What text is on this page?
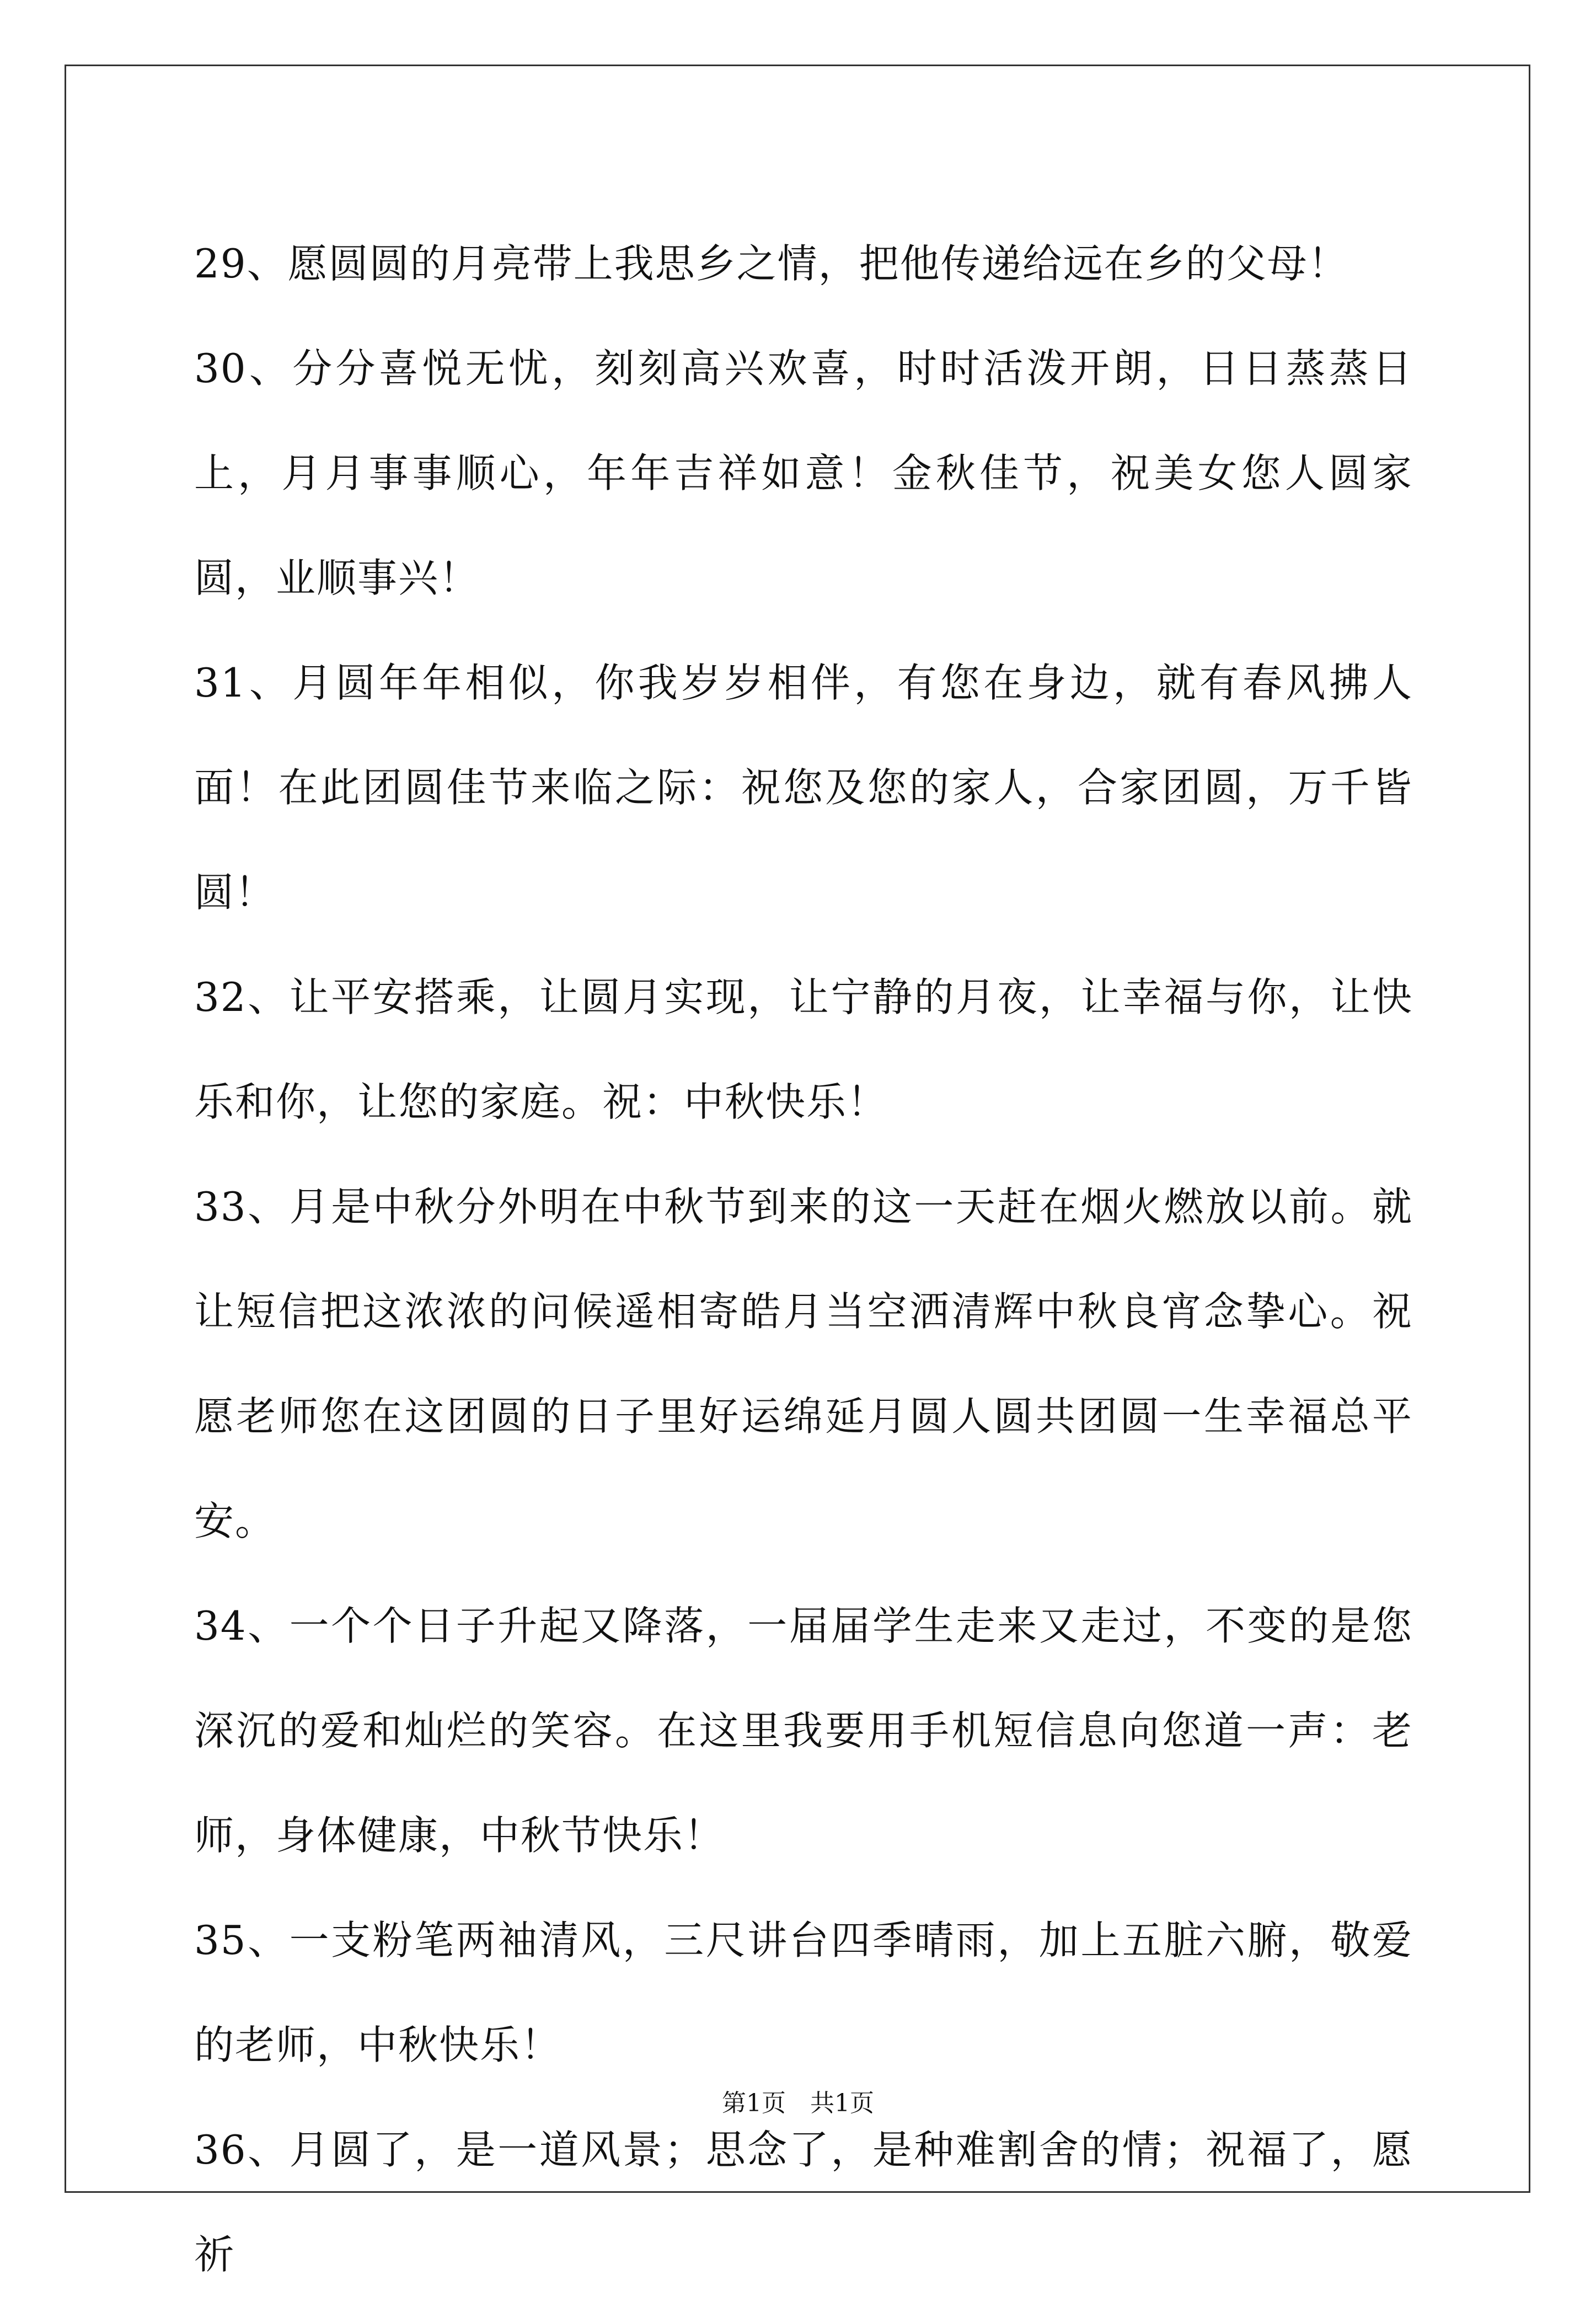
29、愿圆圆的月亮带上我思乡之情，把他传递给远在乡的父母！

30、分分喜悦无忧，刻刻高兴欢喜，时时活泼开朗，日日蒸蒸日上，月月事事顺心，年年吉祥如意！金秋佳节，祝美女您人圆家圆，业顺事兴！

31、月圆年年相似，你我岁岁相伴，有您在身边，就有春风拂人面！在此团圆佳节来临之际：祝您及您的家人，合家团圆，万千皆圆！

32、让平安搭乘，让圆月实现，让宁静的月夜，让幸福与你，让快乐和你，让您的家庭。祝：中秋快乐！

33、月是中秋分外明在中秋节到来的这一天赶在烟火燃放以前。就让短信把这浓浓的问候遥相寄皓月当空洒清辉中秋良宵念挚心。祝愿老师您在这团圆的日子里好运绵延月圆人圆共团圆一生幸福总平安。

34、一个个日子升起又降落，一届届学生走来又走过，不变的是您深沉的爱和灿烂的笑容。在这里我要用手机短信息向您道一声：老师，身体健康，中秋节快乐！

35、一支粉笔两袖清风，三尺讲台四季晴雨，加上五脏六腑，敬爱的老师，中秋快乐！

36、月圆了，是一道风景；思念了，是种难割舍的情；祝福了，愿祈

第1页 共1页
